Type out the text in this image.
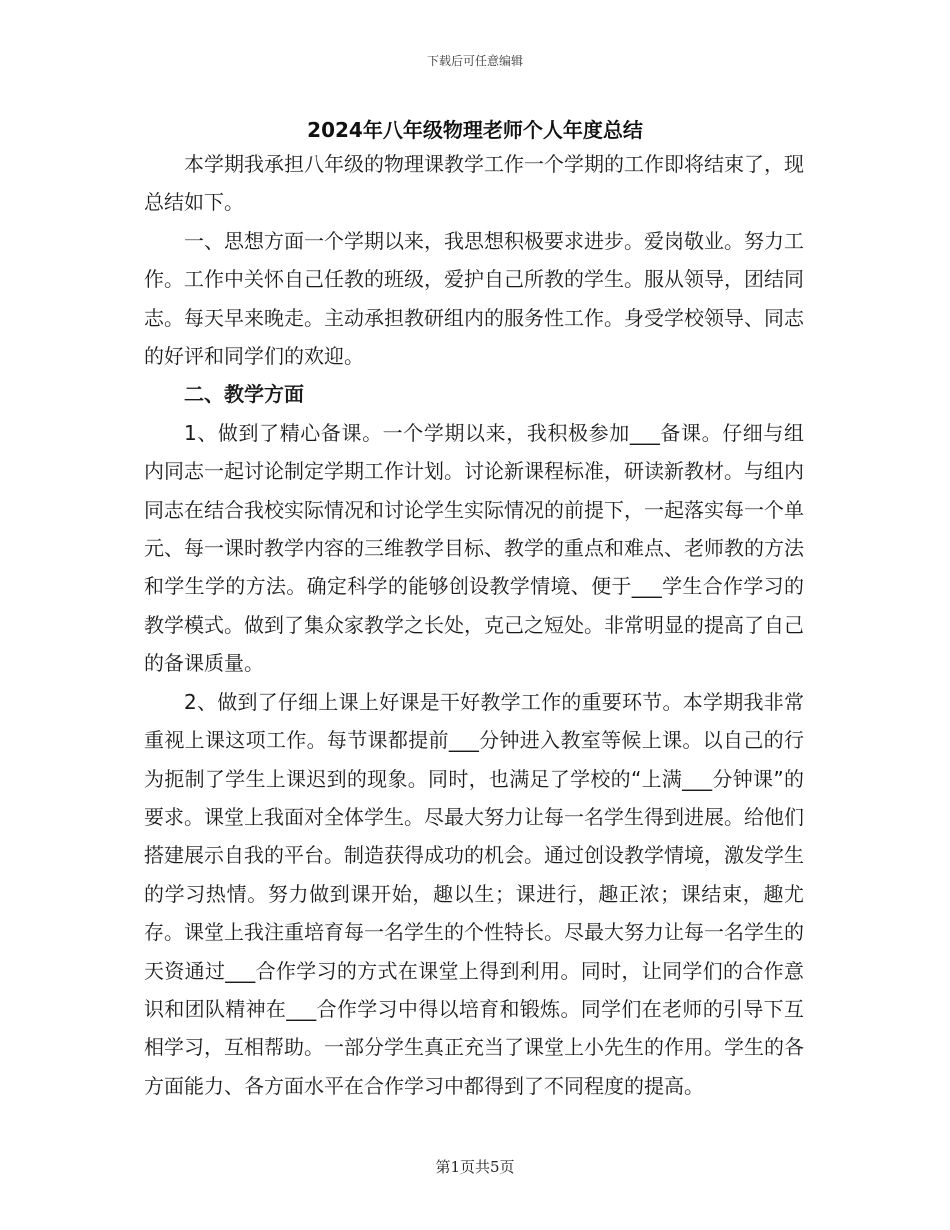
下载后可任意编辑
2024年八年级物理老师个人年度总结

本学期我承担八年级的物理课教学工作一个学期的工作即将结束了，现总结如下。

一、思想方面一个学期以来，我思想积极要求进步。爱岗敬业。努力工作。工作中关怀自己任教的班级，爱护自己所教的学生。服从领导，团结同志。每天早来晚走。主动承担教研组内的服务性工作。身受学校领导、同志的好评和同学们的欢迎。

二、教学方面

1、做到了精心备课。一个学期以来，我积极参加___备课。仔细与组内同志一起讨论制定学期工作计划。讨论新课程标准，研读新教材。与组内同志在结合我校实际情况和讨论学生实际情况的前提下，一起落实每一个单元、每一课时教学内容的三维教学目标、教学的重点和难点、老师教的方法和学生学的方法。确定科学的能够创设教学情境、便于___学生合作学习的教学模式。做到了集众家教学之长处，克己之短处。非常明显的提高了自己的备课质量。

2、做到了仔细上课上好课是干好教学工作的重要环节。本学期我非常重视上课这项工作。每节课都提前___分钟进入教室等候上课。以自己的行为扼制了学生上课迟到的现象。同时，也满足了学校的“上满___分钟课”的要求。课堂上我面对全体学生。尽最大努力让每一名学生得到进展。给他们搭建展示自我的平台。制造获得成功的机会。通过创设教学情境，激发学生的学习热情。努力做到课开始，趣以生；课进行，趣正浓；课结束，趣尤存。课堂上我注重培育每一名学生的个性特长。尽最大努力让每一名学生的天资通过___合作学习的方式在课堂上得到利用。同时，让同学们的合作意识和团队精神在___合作学习中得以培育和锻炼。同学们在老师的引导下互相学习，互相帮助。一部分学生真正充当了课堂上小先生的作用。学生的各方面能力、各方面水平在合作学习中都得到了不同程度的提高。

第1页共5页
